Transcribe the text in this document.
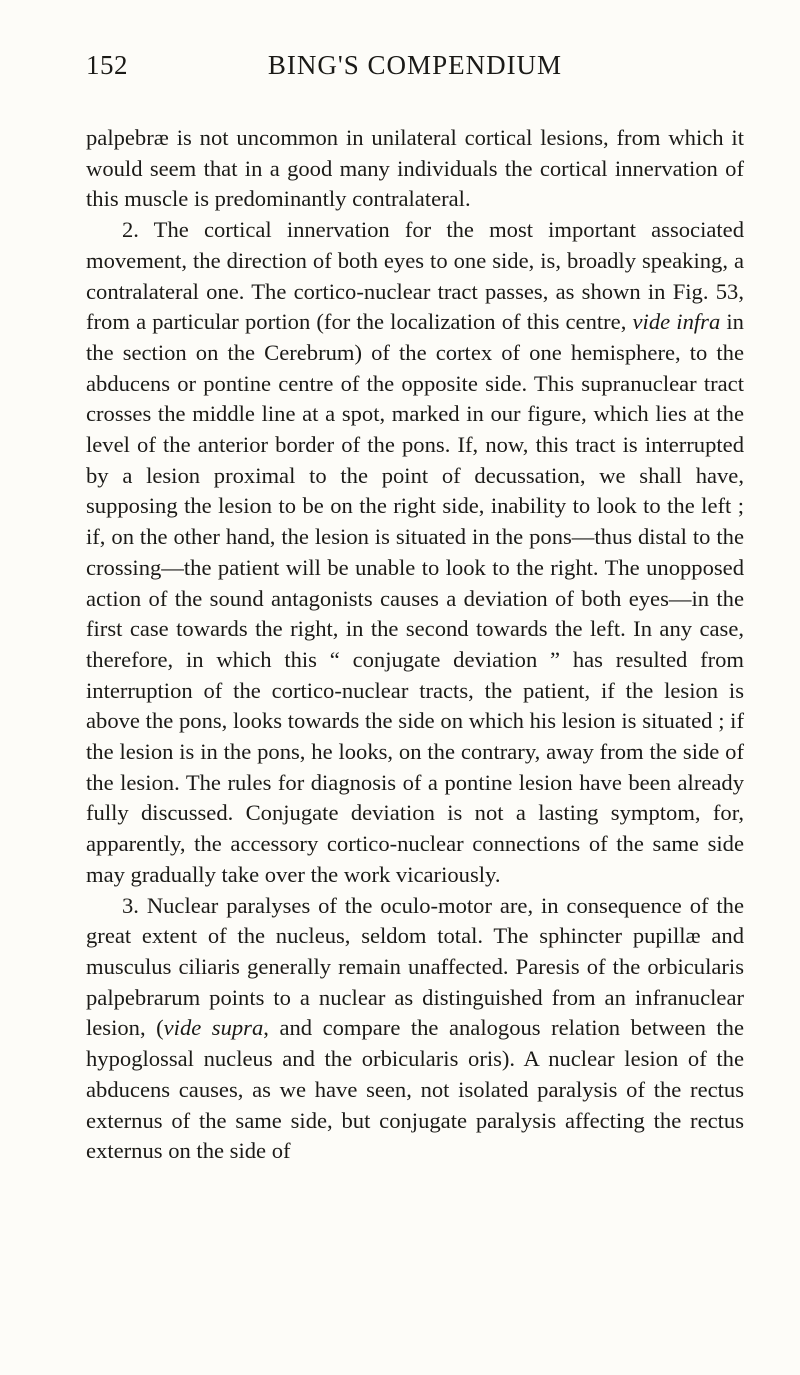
152	BING'S COMPENDIUM

palpebræ is not uncommon in unilateral cortical lesions, from which it would seem that in a good many individuals the cortical innervation of this muscle is predominantly contralateral.

2. The cortical innervation for the most important associated movement, the direction of both eyes to one side, is, broadly speaking, a contralateral one. The cortico-nuclear tract passes, as shown in Fig. 53, from a particular portion (for the localization of this centre, vide infra in the section on the Cerebrum) of the cortex of one hemisphere, to the abducens or pontine centre of the opposite side. This supranuclear tract crosses the middle line at a spot, marked in our figure, which lies at the level of the anterior border of the pons. If, now, this tract is interrupted by a lesion proximal to the point of decussation, we shall have, supposing the lesion to be on the right side, inability to look to the left ; if, on the other hand, the lesion is situated in the pons—thus distal to the crossing—the patient will be unable to look to the right. The unopposed action of the sound antagonists causes a deviation of both eyes—in the first case towards the right, in the second towards the left. In any case, therefore, in which this “ conjugate deviation ” has resulted from interruption of the cortico-nuclear tracts, the patient, if the lesion is above the pons, looks towards the side on which his lesion is situated ; if the lesion is in the pons, he looks, on the contrary, away from the side of the lesion. The rules for diagnosis of a pontine lesion have been already fully discussed. Conjugate deviation is not a lasting symptom, for, apparently, the accessory cortico-nuclear connections of the same side may gradually take over the work vicariously.

3. Nuclear paralyses of the oculo-motor are, in consequence of the great extent of the nucleus, seldom total. The sphincter pupillæ and musculus ciliaris generally remain unaffected. Paresis of the orbicularis palpebrarum points to a nuclear as distinguished from an infranuclear lesion, (vide supra, and compare the analogous relation between the hypoglossal nucleus and the orbicularis oris). A nuclear lesion of the abducens causes, as we have seen, not isolated paralysis of the rectus externus of the same side, but conjugate paralysis affecting the rectus externus on the side of
